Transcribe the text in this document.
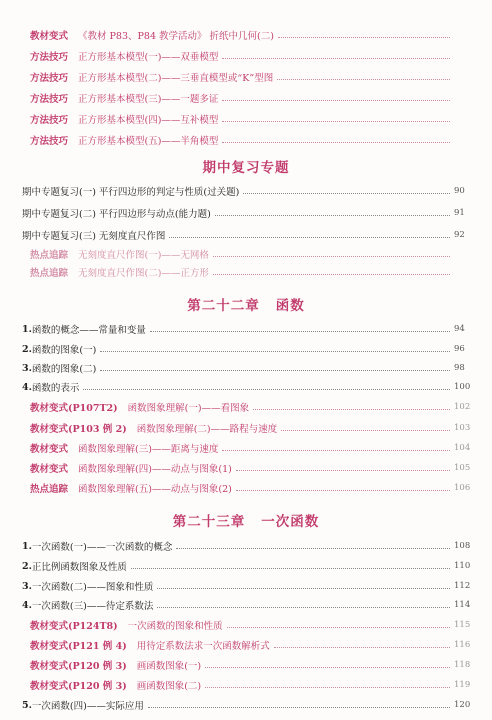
教材变式 《教材 P83、P84 教学活动》 折纸中几何(二)
方法技巧 正方形基本模型(一)——双垂模型
方法技巧 正方形基本模型(二)——三垂直模型或“K”型图
方法技巧 正方形基本模型(三)——一题多证
方法技巧 正方形基本模型(四)——互补模型
方法技巧 正方形基本模型(五)——半角模型
期中复习专题
期中专题复习(一) 平行四边形的判定与性质(过关题)	90
期中专题复习(二) 平行四边形与动点(能力题)	91
期中专题复习(三) 无刻度直尺作图	92
热点追踪 无刻度直尺作图(一)——无网格
热点追踪 无刻度直尺作图(二)——正方形
第二十二章 函数
1. 函数的概念——常量和变量	94
2. 函数的图象(一)	96
3. 函数的图象(二)	98
4. 函数的表示	100
教材变式(P107T2) 函数图象理解(一)——看图象	102
教材变式(P103 例 2) 函数图象理解(二)——路程与速度	103
教材变式 函数图象理解(三)——距离与速度	104
教材变式 函数图象理解(四)——动点与图象(1)	105
热点追踪 函数图象理解(五)——动点与图象(2)	106
第二十三章 一次函数
1. 一次函数(一)——一次函数的概念	108
2. 正比例函数图象及性质	110
3. 一次函数(二)——图象和性质	112
4. 一次函数(三)——待定系数法	114
教材变式(P124T8) 一次函数的图象和性质	115
教材变式(P121 例 4) 用待定系数法求一次函数解析式	116
教材变式(P120 例 3) 画函数图象(一)	118
教材变式(P120 例 3) 画函数图象(二)	119
5. 一次函数(四)——实际应用	120
